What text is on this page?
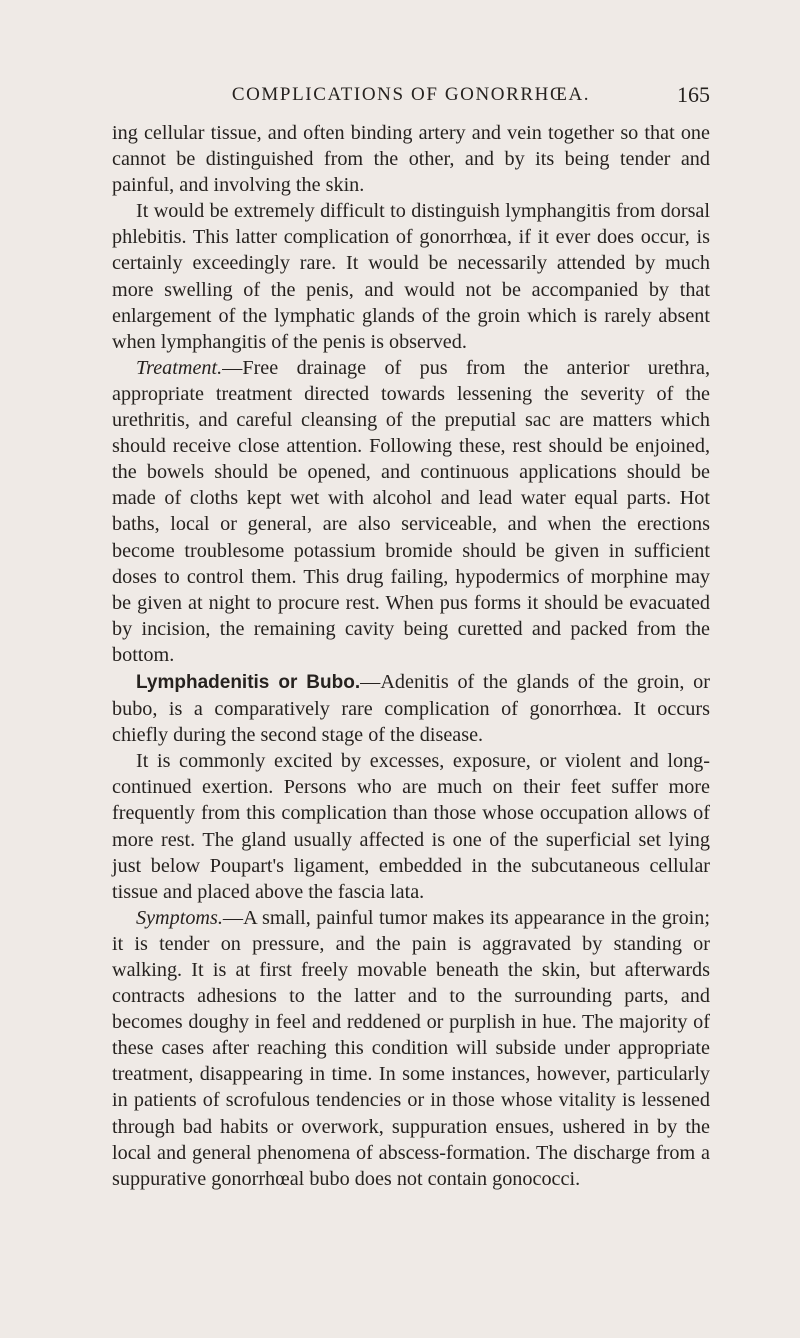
COMPLICATIONS OF GONORRHŒA.	165

ing cellular tissue, and often binding artery and vein together so that one cannot be distinguished from the other, and by its being tender and painful, and involving the skin.

It would be extremely difficult to distinguish lymphangitis from dorsal phlebitis. This latter complication of gonorrhœa, if it ever does occur, is certainly exceedingly rare. It would be necessarily attended by much more swelling of the penis, and would not be accompanied by that enlargement of the lymphatic glands of the groin which is rarely absent when lymphangitis of the penis is observed.

Treatment.—Free drainage of pus from the anterior urethra, appropriate treatment directed towards lessening the severity of the urethritis, and careful cleansing of the preputial sac are matters which should receive close attention. Following these, rest should be enjoined, the bowels should be opened, and continuous applications should be made of cloths kept wet with alcohol and lead water equal parts. Hot baths, local or general, are also serviceable, and when the erections become troublesome potassium bromide should be given in sufficient doses to control them. This drug failing, hypodermics of morphine may be given at night to procure rest. When pus forms it should be evacuated by incision, the remaining cavity being curetted and packed from the bottom.

Lymphadenitis or Bubo.—Adenitis of the glands of the groin, or bubo, is a comparatively rare complication of gonorrhœa. It occurs chiefly during the second stage of the disease.

It is commonly excited by excesses, exposure, or violent and long-continued exertion. Persons who are much on their feet suffer more frequently from this complication than those whose occupation allows of more rest. The gland usually affected is one of the superficial set lying just below Poupart's ligament, embedded in the subcutaneous cellular tissue and placed above the fascia lata.

Symptoms.—A small, painful tumor makes its appearance in the groin; it is tender on pressure, and the pain is aggravated by standing or walking. It is at first freely movable beneath the skin, but afterwards contracts adhesions to the latter and to the surrounding parts, and becomes doughy in feel and reddened or purplish in hue. The majority of these cases after reaching this condition will subside under appropriate treatment, disappearing in time. In some instances, however, particularly in patients of scrofulous tendencies or in those whose vitality is lessened through bad habits or overwork, suppuration ensues, ushered in by the local and general phenomena of abscess-formation. The discharge from a suppurative gonorrhœal bubo does not contain gonococci.
